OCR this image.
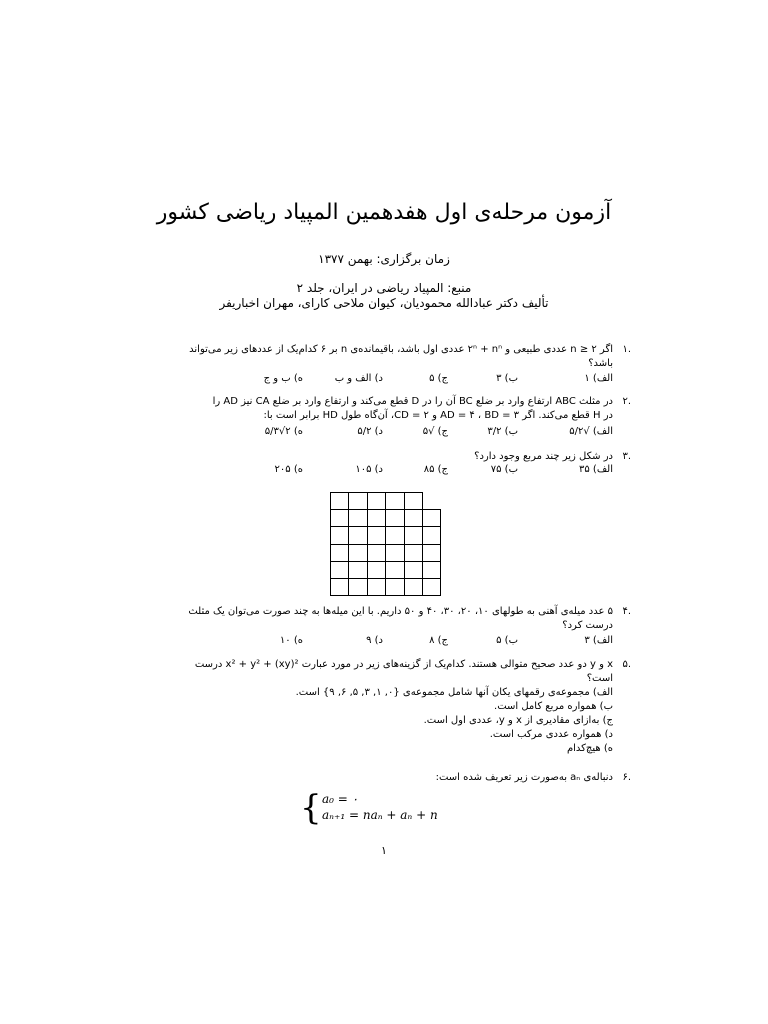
آزمون مرحله‌ی اول هفدهمین المپیاد ریاضی کشور
زمان برگزاری: بهمن ۱۳۷۷
منبع: المپیاد ریاضی در ایران، جلد ۲
تألیف دکتر عبادالله محمودیان، کیوان ملاحی کارای، مهران اخباریفر
.۱
اگر n ≥ ۲ عددی طبیعی و ۲ⁿ + nⁿ عددی اول باشد، باقیمانده‌ی n بر ۶ کدام‌یک از عددهای زیر می‌تواند
باشد؟
الف) ۱
ب) ۳
ج) ۵
د) الف و ب
ه) ب و ج
.۲
در مثلث ABC ارتفاع وارد بر ضلع BC آن را در D قطع می‌کند و ارتفاع وارد بر ضلع CA نیز AD را
در H قطع می‌کند. اگر AD = ۴ ، BD = ۳ و CD = ۲، آن‌گاه طول HD برابر است با:
الف) √۵/۲
ب) ۳/۲
ج) √۵
د) ۵/۲
ه) ۲√۵/۳
.۳
در شکل زیر چند مربع وجود دارد؟
الف) ۳۵
ب) ۷۵
ج) ۸۵
د) ۱۰۵
ه) ۲۰۵
.۴
۵ عدد میله‌ی آهنی به طولهای ۱۰، ۲۰، ۳۰، ۴۰ و ۵۰ داریم. با این میله‌ها به چند صورت می‌توان یک مثلث
درست کرد؟
الف) ۳
ب) ۵
ج) ۸
د) ۹
ه) ۱۰
.۵
x و y دو عدد صحیح متوالی هستند. کدام‌یک از گزینه‌های زیر در مورد عبارت x² + y² + (xy)² درست
است؟
الف) مجموعه‌ی رقمهای یکان آنها شامل مجموعه‌ی {۰, ۱, ۳, ۵, ۶, ۹} است.
ب) همواره مربع کامل است.
ج) به‌ازای مقادیری از x و y، عددی اول است.
د) همواره عددی مرکب است.
ه) هیچ‌کدام
.۶
دنباله‌ی aₙ به‌صورت زیر تعریف شده است:
{ a₀ = ۰
aₙ₊₁ = naₙ + aₙ + n
۱
